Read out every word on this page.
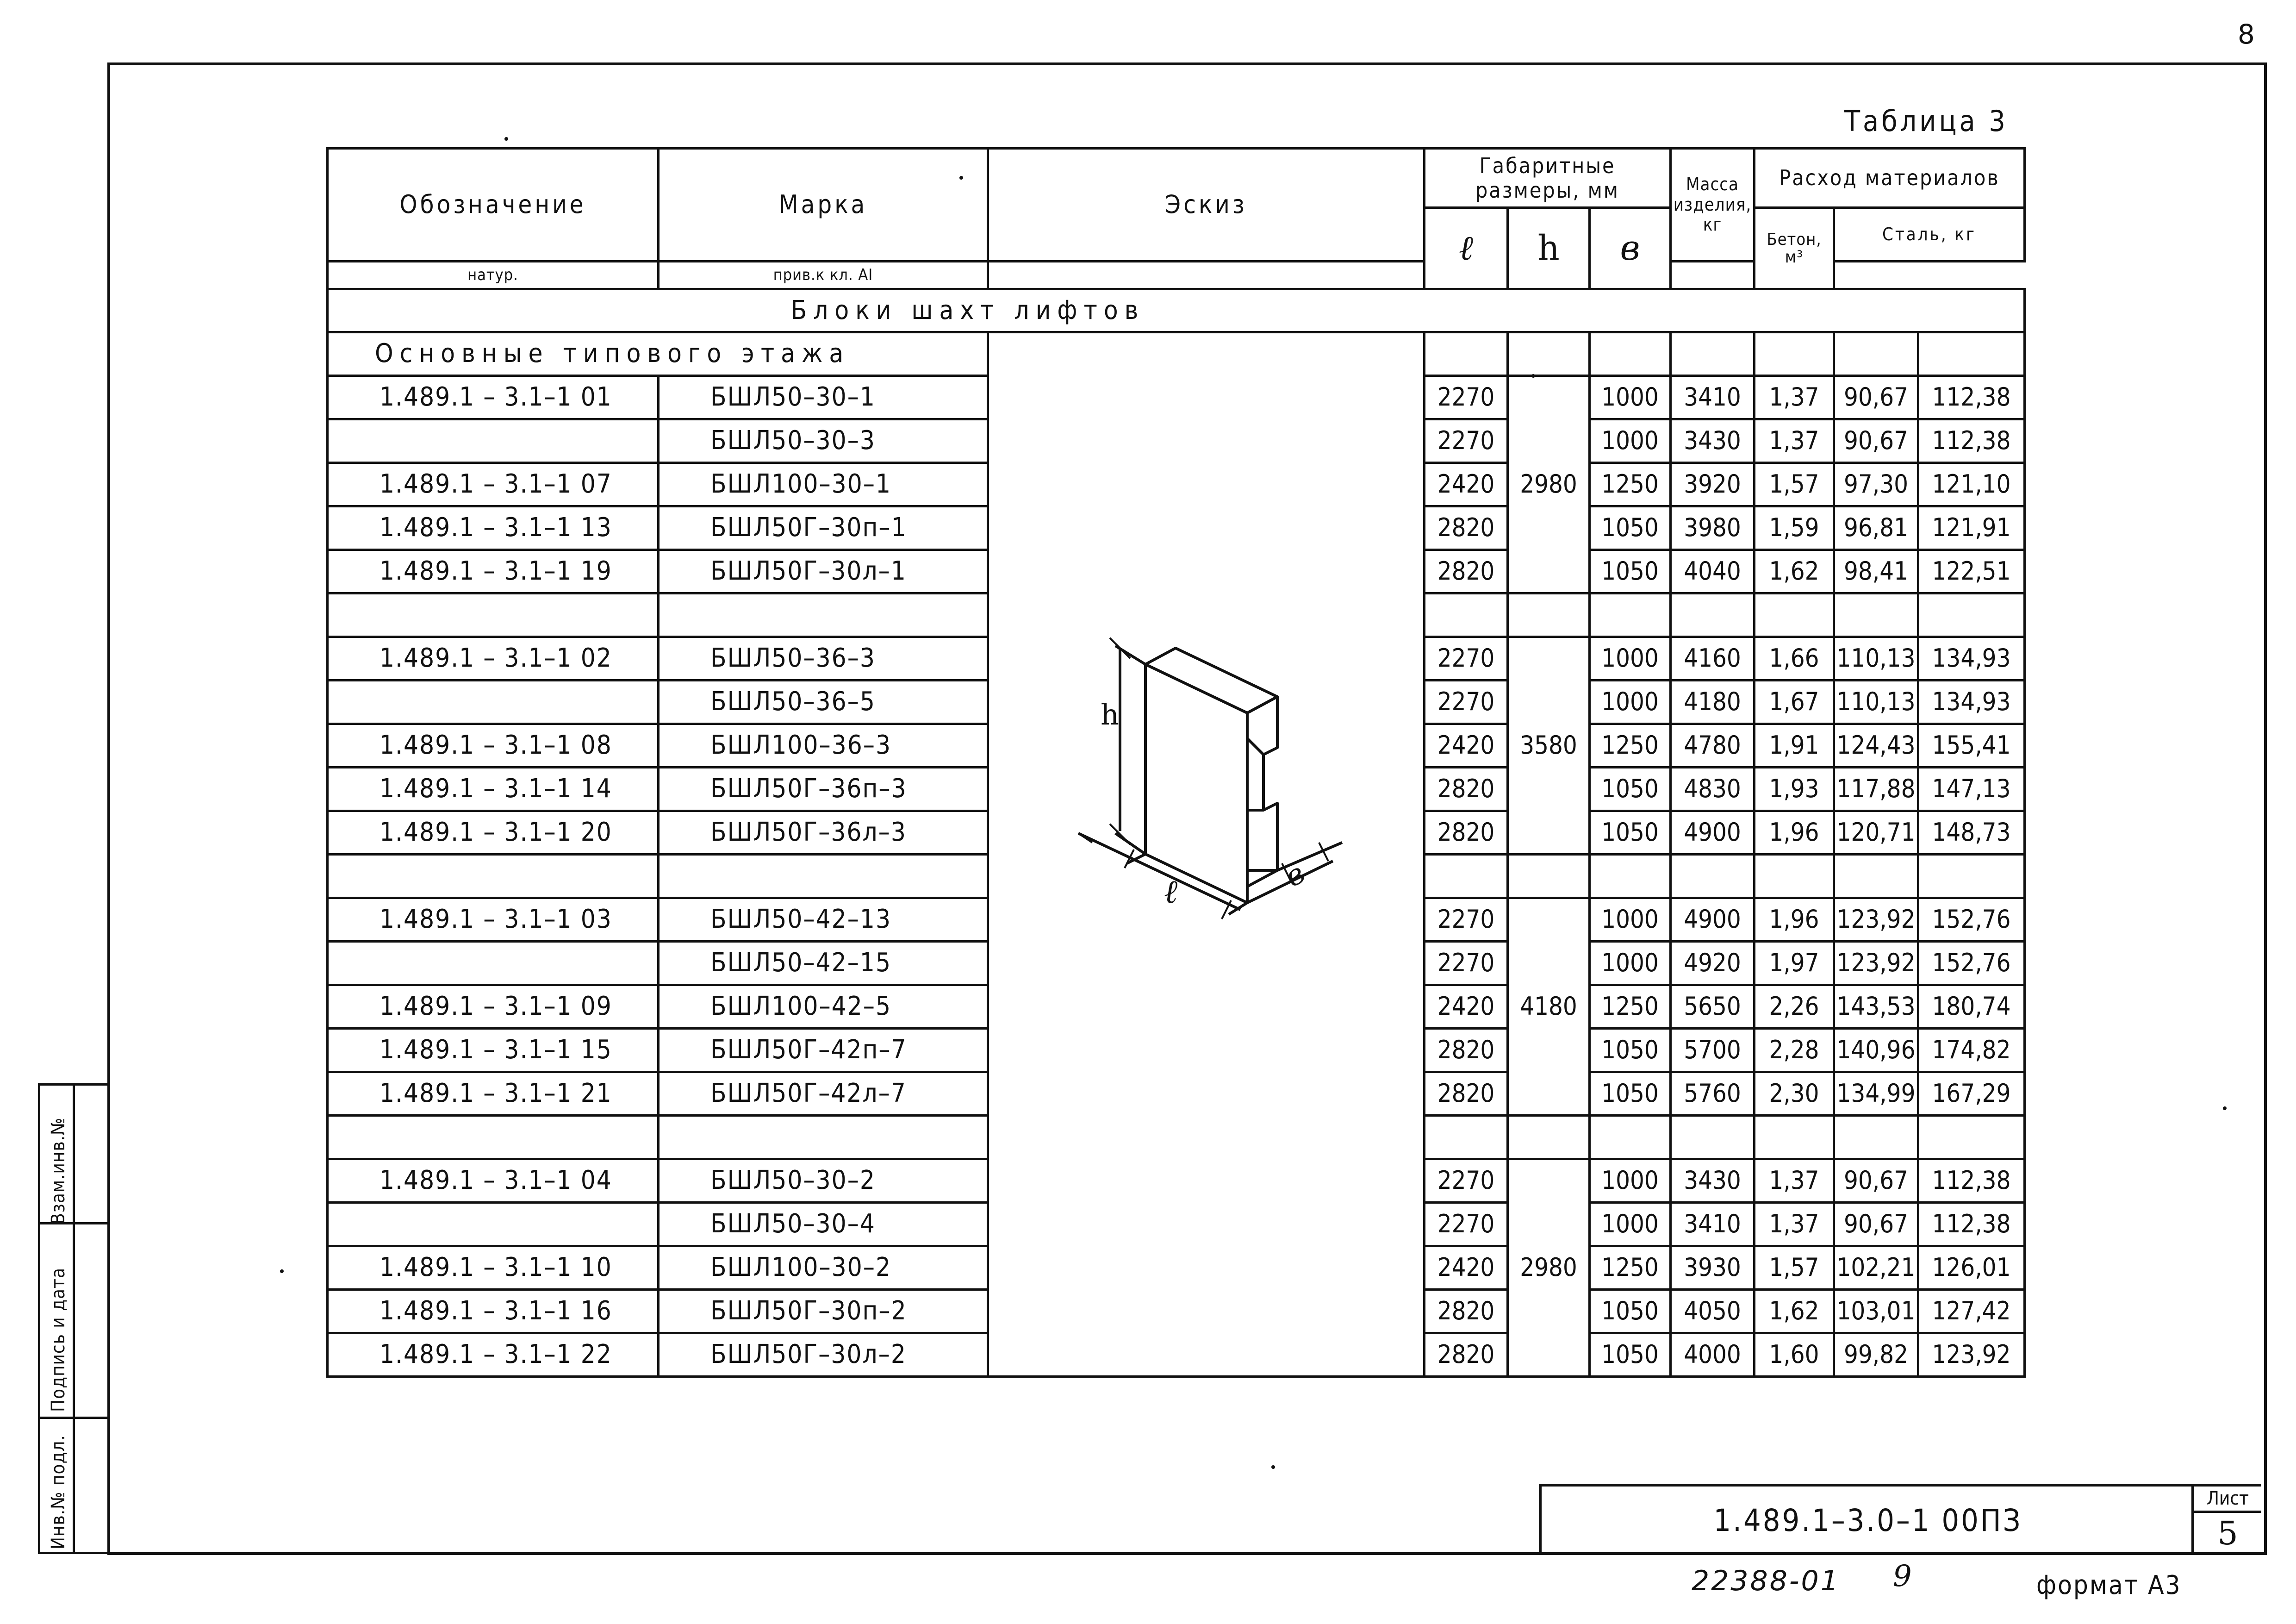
8
Таблица 3
Обозначение	Марка	Эскиз	Габаритные размеры, мм			Масса изделия, кг	Расход материалов		
			ℓ	h	в		Бетон, м³	Сталь, кг	
натур.	прив.к кл. AI								
Блоки шахт лифтов									
Основные типового этажа									
1.489.1 – 3.1–1 01	БШЛ50–30–1		2270	2980	1000	3410	1,37	90,67	112,38
	БШЛ50–30–3		2270		1000	3430	1,37	90,67	112,38
1.489.1 – 3.1–1 07	БШЛ100–30–1		2420		1250	3920	1,57	97,30	121,10
1.489.1 – 3.1–1 13	БШЛ50Г–30п–1		2820		1050	3980	1,59	96,81	121,91
1.489.1 – 3.1–1 19	БШЛ50Г–30л–1		2820		1050	4040	1,62	98,41	122,51

1.489.1 – 3.1–1 02	БШЛ50–36–3		2270	3580	1000	4160	1,66	110,13	134,93
	БШЛ50–36–5		2270		1000	4180	1,67	110,13	134,93
1.489.1 – 3.1–1 08	БШЛ100–36–3		2420		1250	4780	1,91	124,43	155,41
1.489.1 – 3.1–1 14	БШЛ50Г–36п–3		2820		1050	4830	1,93	117,88	147,13
1.489.1 – 3.1–1 20	БШЛ50Г–36л–3		2820		1050	4900	1,96	120,71	148,73

1.489.1 – 3.1–1 03	БШЛ50–42–13		2270	4180	1000	4900	1,96	123,92	152,76
	БШЛ50–42–15		2270		1000	4920	1,97	123,92	152,76
1.489.1 – 3.1–1 09	БШЛ100–42–5		2420		1250	5650	2,26	143,53	180,74
1.489.1 – 3.1–1 15	БШЛ50Г–42п–7		2820		1050	5700	2,28	140,96	174,82
1.489.1 – 3.1–1 21	БШЛ50Г–42л–7		2820		1050	5760	2,30	134,99	167,29

1.489.1 – 3.1–1 04	БШЛ50–30–2		2270	2980	1000	3430	1,37	90,67	112,38
	БШЛ50–30–4		2270		1000	3410	1,37	90,67	112,38
1.489.1 – 3.1–1 10	БШЛ100–30–2		2420		1250	3930	1,57	102,21	126,01
1.489.1 – 3.1–1 16	БШЛ50Г–30п–2		2820		1050	4050	1,62	103,01	127,42
1.489.1 – 3.1–1 22	БШЛ50Г–30л–2		2820		1050	4000	1,60	99,82	123,92
h
ℓ	в
1.489.1–3.0–1 00ПЗ
Лист
5
22388-01 9	формат А3
Взам.инв.№
Подпись и дата
Инв.№ подл.
